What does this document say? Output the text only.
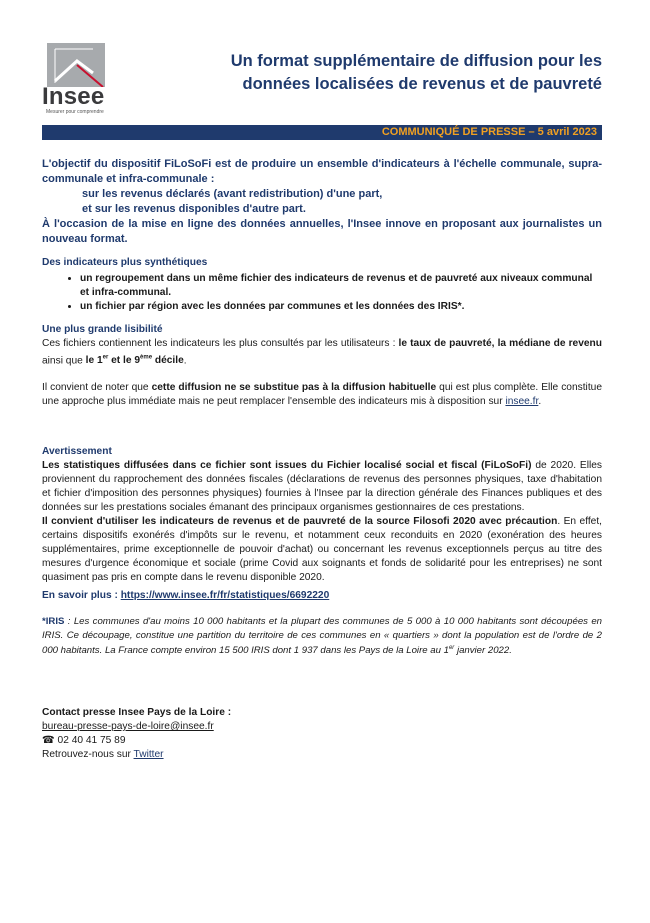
Insee
Mesurer pour comprendre
Un format supplémentaire de diffusion pour les
données localisées de revenus et de pauvreté
COMMUNIQUÉ DE PRESSE – 5 avril 2023
L'objectif du dispositif FiLoSoFi est de produire un ensemble d'indicateurs à l'échelle communale, supra-communale et infra-communale :
sur les revenus déclarés (avant redistribution) d'une part,
et sur les revenus disponibles d'autre part.
À l'occasion de la mise en ligne des données annuelles, l'Insee innove en proposant aux journalistes un nouveau format.
Des indicateurs plus synthétiques
• un regroupement dans un même fichier des indicateurs de revenus et de pauvreté aux niveaux communal et infra-communal.
• un fichier par région avec les données par communes et les données des IRIS*.
Une plus grande lisibilité

Ces fichiers contiennent les indicateurs les plus consultés par les utilisateurs : le taux de pauvreté, la médiane de revenu ainsi que le 1er et le 9ème décile.

Il convient de noter que cette diffusion ne se substitue pas à la diffusion habituelle qui est plus complète. Elle constitue une approche plus immédiate mais ne peut remplacer l'ensemble des indicateurs mis à disposition sur insee.fr.

Avertissement

Les statistiques diffusées dans ce fichier sont issues du Fichier localisé social et fiscal (FiLoSoFi) de 2020. Elles proviennent du rapprochement des données fiscales (déclarations de revenus des personnes physiques, taxe d'habitation et fichier d'imposition des personnes physiques) fournies à l'Insee par la direction générale des Finances publiques et des données sur les prestations sociales émanant des principaux organismes gestionnaires de ces prestations.

Il convient d'utiliser les indicateurs de revenus et de pauvreté de la source Filosofi 2020 avec précaution. En effet, certains dispositifs exonérés d'impôts sur le revenu, et notamment ceux reconduits en 2020 (exonération des heures supplémentaires, prime exceptionnelle de pouvoir d'achat) ou concernant les revenus exceptionnels perçus au titre des mesures d'urgence économique et sociale (prime Covid aux soignants et fonds de solidarité pour les entreprises) ne sont quasiment pas pris en compte dans le revenu disponible 2020.

En savoir plus : https://www.insee.fr/fr/statistiques/6692220

*IRIS : Les communes d'au moins 10 000 habitants et la plupart des communes de 5 000 à 10 000 habitants sont découpées en IRIS. Ce découpage, constitue une partition du territoire de ces communes en « quartiers » dont la population est de l'ordre de 2 000 habitants. La France compte environ 15 500 IRIS dont 1 937 dans les Pays de la Loire au 1er janvier 2022.

Contact presse Insee Pays de la Loire :
bureau-presse-pays-de-loire@insee.fr
☎ 02 40 41 75 89
Retrouvez-nous sur Twitter
